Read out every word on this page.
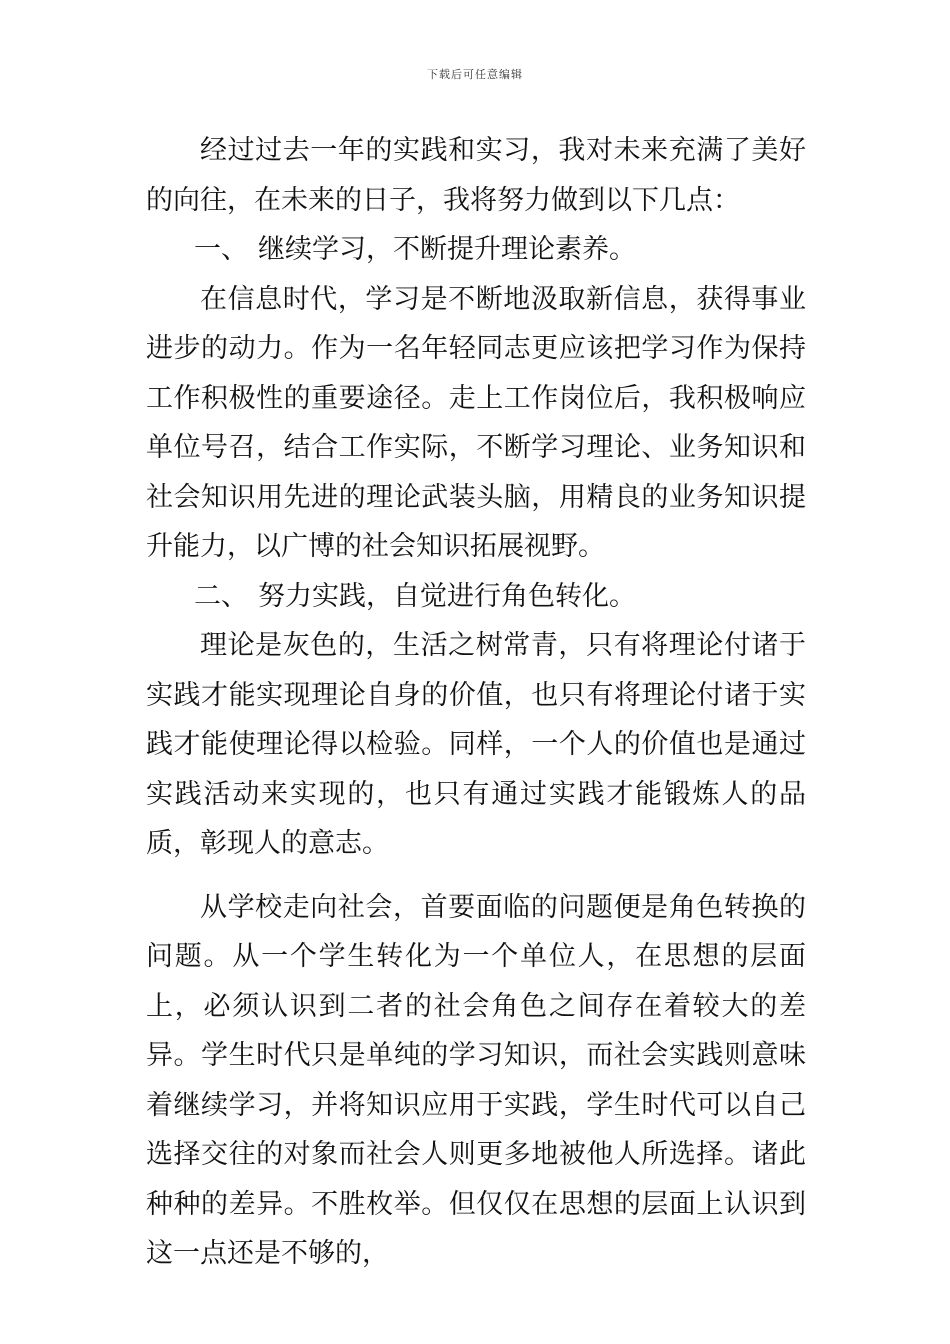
下载后可任意编辑

经过过去一年的实践和实习，我对未来充满了美好的向往，在未来的日子，我将努力做到以下几点：

一、 继续学习，不断提升理论素养。

在信息时代，学习是不断地汲取新信息，获得事业进步的动力。作为一名年轻同志更应该把学习作为保持工作积极性的重要途径。走上工作岗位后，我积极响应单位号召，结合工作实际，不断学习理论、业务知识和社会知识用先进的理论武装头脑，用精良的业务知识提升能力，以广博的社会知识拓展视野。

二、 努力实践，自觉进行角色转化。

理论是灰色的，生活之树常青，只有将理论付诸于实践才能实现理论自身的价值，也只有将理论付诸于实践才能使理论得以检验。同样，一个人的价值也是通过实践活动来实现的，也只有通过实践才能锻炼人的品质，彰现人的意志。

从学校走向社会，首要面临的问题便是角色转换的问题。从一个学生转化为一个单位人，在思想的层面上，必须认识到二者的社会角色之间存在着较大的差异。学生时代只是单纯的学习知识，而社会实践则意味着继续学习，并将知识应用于实践，学生时代可以自己选择交往的对象而社会人则更多地被他人所选择。诸此种种的差异。不胜枚举。但仅仅在思想的层面上认识到这一点还是不够的，
